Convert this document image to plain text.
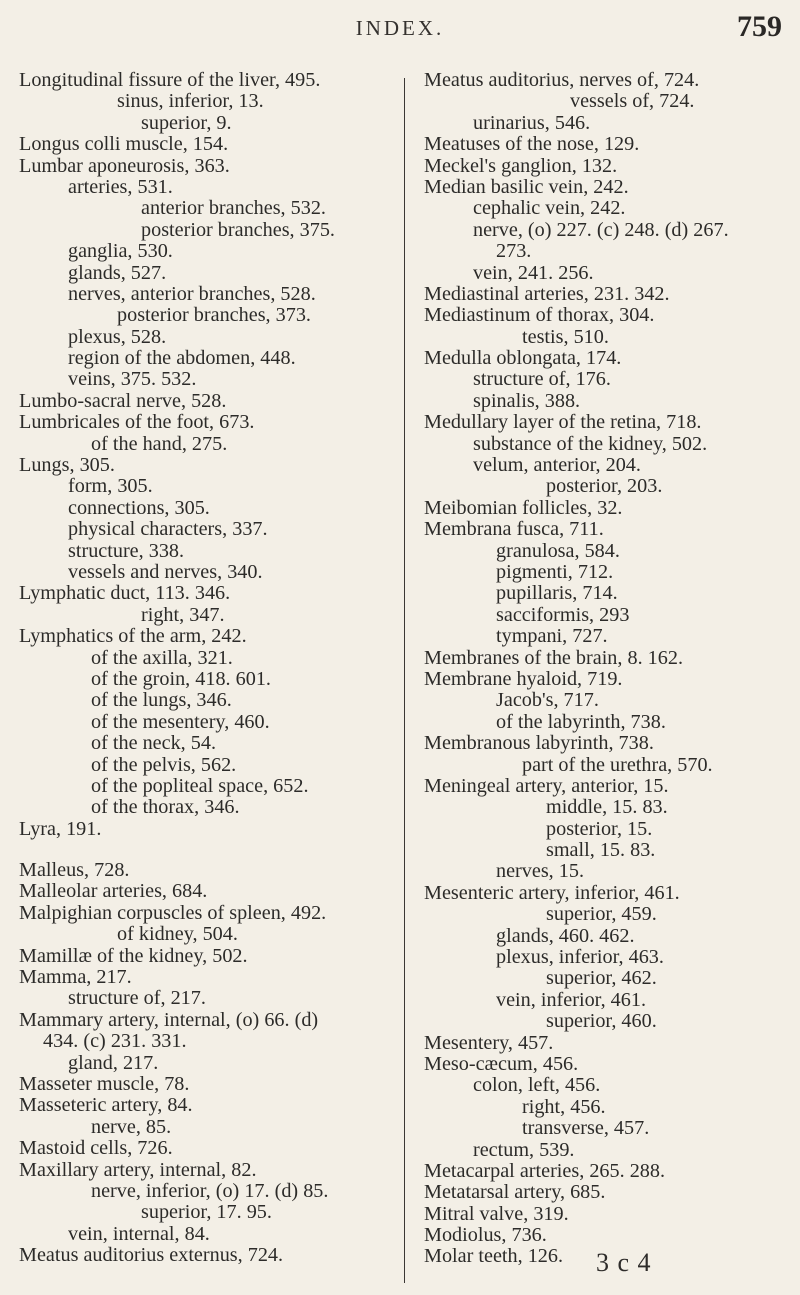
INDEX.	759
Longitudinal fissure of the liver, 495.
sinus, inferior, 13.
superior, 9.
Longus colli muscle, 154.
Lumbar aponeurosis, 363.
arteries, 531.
anterior branches, 532.
posterior branches, 375.
ganglia, 530.
glands, 527.
nerves, anterior branches, 528.
posterior branches, 373.
plexus, 528.
region of the abdomen, 448.
veins, 375. 532.
Lumbo-sacral nerve, 528.
Lumbricales of the foot, 673.
of the hand, 275.
Lungs, 305.
form, 305.
connections, 305.
physical characters, 337.
structure, 338.
vessels and nerves, 340.
Lymphatic duct, 113. 346.
right, 347.
Lymphatics of the arm, 242.
of the axilla, 321.
of the groin, 418. 601.
of the lungs, 346.
of the mesentery, 460.
of the neck, 54.
of the pelvis, 562.
of the popliteal space, 652.
of the thorax, 346.
Lyra, 191.
Malleus, 728.
Malleolar arteries, 684.
Malpighian corpuscles of spleen, 492.
of kidney, 504.
Mamillæ of the kidney, 502.
Mamma, 217.
structure of, 217.
Mammary artery, internal, (o) 66. (d)
434. (c) 231. 331.
gland, 217.
Masseter muscle, 78.
Masseteric artery, 84.
nerve, 85.
Mastoid cells, 726.
Maxillary artery, internal, 82.
nerve, inferior, (o) 17. (d) 85.
superior, 17. 95.
vein, internal, 84.
Meatus auditorius externus, 724.
Meatus auditorius, nerves of, 724.
vessels of, 724.
urinarius, 546.
Meatuses of the nose, 129.
Meckel's ganglion, 132.
Median basilic vein, 242.
cephalic vein, 242.
nerve, (o) 227. (c) 248. (d) 267.
273.
vein, 241. 256.
Mediastinal arteries, 231. 342.
Mediastinum of thorax, 304.
testis, 510.
Medulla oblongata, 174.
structure of, 176.
spinalis, 388.
Medullary layer of the retina, 718.
substance of the kidney, 502.
velum, anterior, 204.
posterior, 203.
Meibomian follicles, 32.
Membrana fusca, 711.
granulosa, 584.
pigmenti, 712.
pupillaris, 714.
sacciformis, 293
tympani, 727.
Membranes of the brain, 8. 162.
Membrane hyaloid, 719.
Jacob's, 717.
of the labyrinth, 738.
Membranous labyrinth, 738.
part of the urethra, 570.
Meningeal artery, anterior, 15.
middle, 15. 83.
posterior, 15.
small, 15. 83.
nerves, 15.
Mesenteric artery, inferior, 461.
superior, 459.
glands, 460. 462.
plexus, inferior, 463.
superior, 462.
vein, inferior, 461.
superior, 460.
Mesentery, 457.
Meso-cæcum, 456.
colon, left, 456.
right, 456.
transverse, 457.
rectum, 539.
Metacarpal arteries, 265. 288.
Metatarsal artery, 685.
Mitral valve, 319.
Modiolus, 736.
Molar teeth, 126.	3 c 4
